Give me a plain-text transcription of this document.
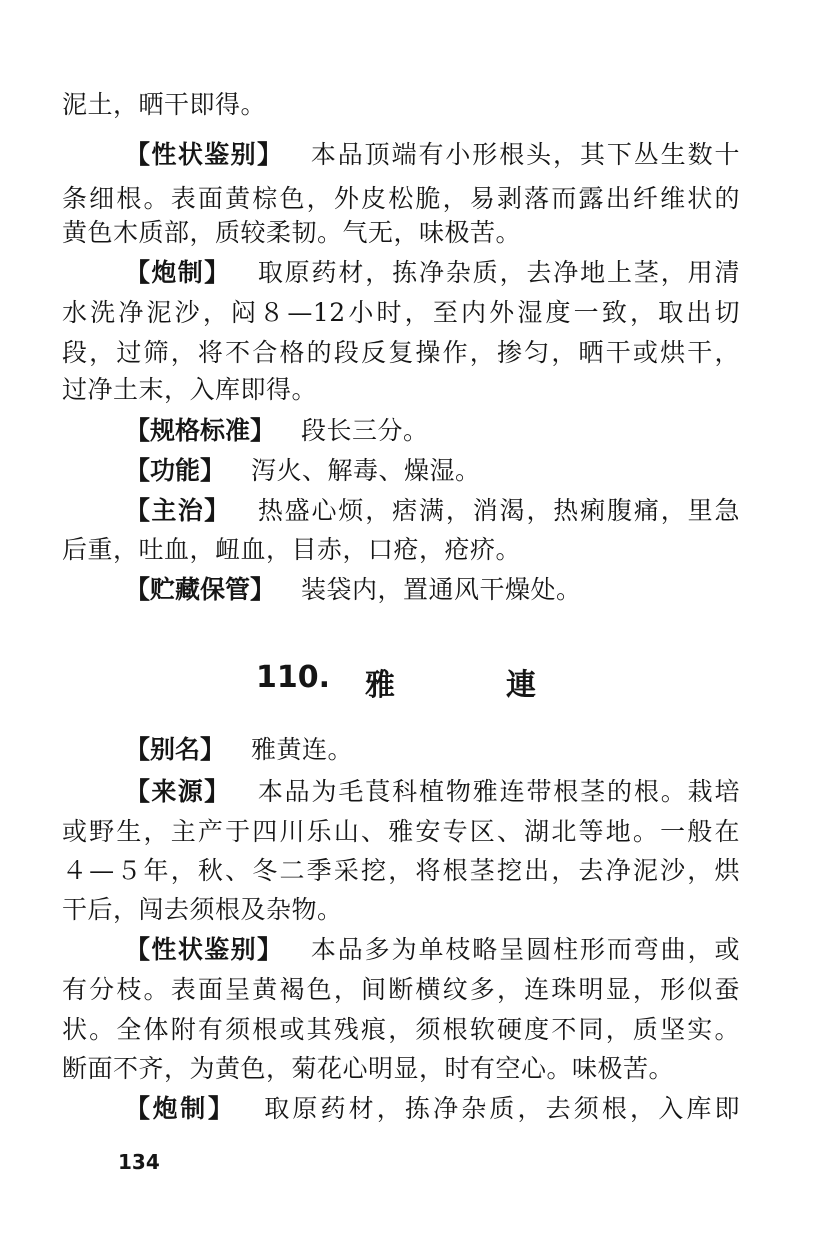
泥土，晒干即得。
【性状鉴别】 本品顶端有小形根头，其下丛生数十
条细根。表面黄棕色，外皮松脆，易剥落而露出纤维状的
黄色木质部，质较柔韧。气无，味极苦。
【炮制】 取原药材，拣净杂质，去净地上茎，用清
水洗净泥沙，闷８—12小时，至内外湿度一致，取出切
段，过筛，将不合格的段反复操作，掺匀，晒干或烘干，
过净土末，入库即得。
【规格标准】 段长三分。
【功能】 泻火、解毒、燥湿。
【主治】 热盛心烦，痞满，消渴，热痢腹痛，里急
后重，吐血，衄血，目赤，口疮，疮疥。
【贮藏保管】 装袋内，置通风干燥处。
110. 雅	連
【别名】 雅黄连。
【来源】 本品为毛茛科植物雅连带根茎的根。栽培
或野生，主产于四川乐山、雅安专区、湖北等地。一般在
４—５年，秋、冬二季采挖，将根茎挖出，去净泥沙，烘
干后，闯去须根及杂物。
【性状鉴别】 本品多为单枝略呈圆柱形而弯曲，或
有分枝。表面呈黄褐色，间断横纹多，连珠明显，形似蚕
状。全体附有须根或其残痕，须根软硬度不同，质坚实。
断面不齐，为黄色，菊花心明显，时有空心。味极苦。
【炮制】 取原药材，拣净杂质，去须根，入库即
134
